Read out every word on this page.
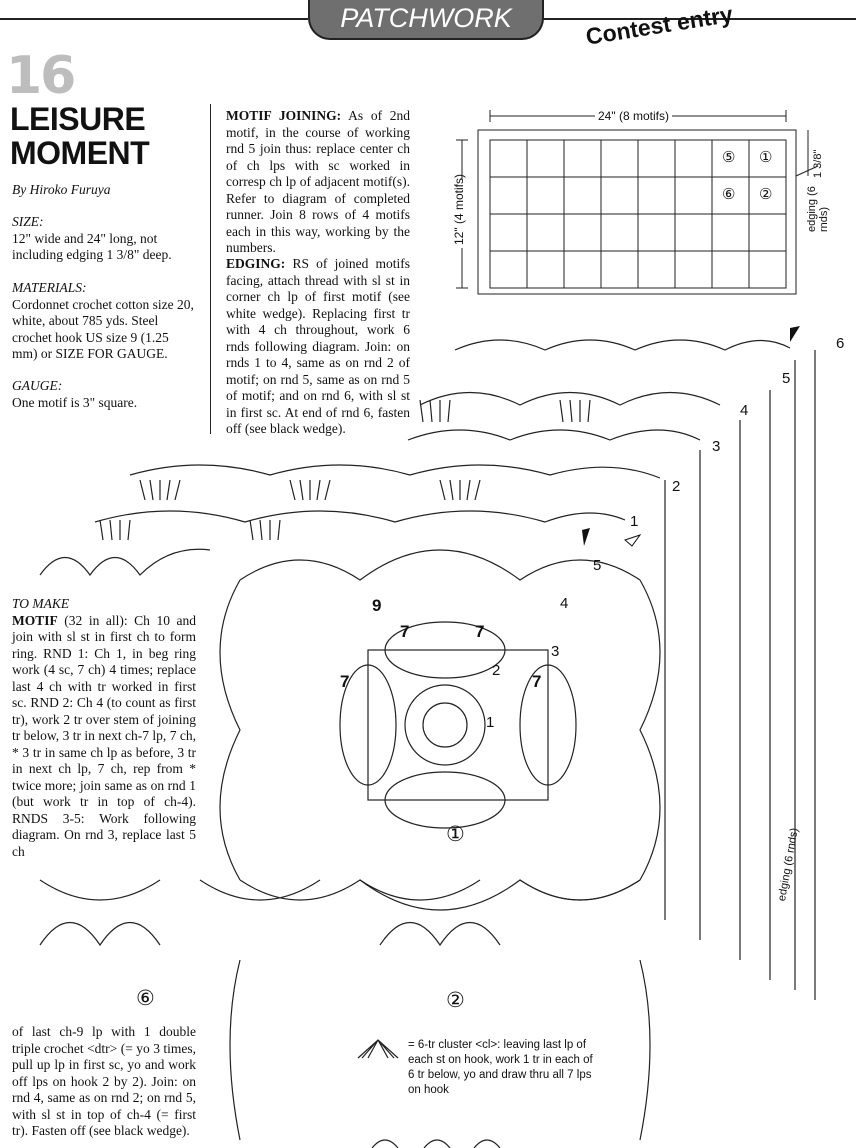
PATCHWORK	Contest entry
16
LEISURE
MOMENT
By Hiroko Furuya
SIZE:
12" wide and 24" long, not including edging 1 3/8" deep.
MATERIALS:
Cordonnet crochet cotton size 20, white, about 785 yds. Steel crochet hook US size 9 (1.25 mm) or SIZE FOR GAUGE.
GAUGE:
One motif is 3" square.
MOTIF JOINING: As of 2nd motif, in the course of working rnd 5 join thus: replace center ch of ch lps with sc worked in corresp ch lp of adjacent motif(s). Refer to diagram of completed runner. Join 8 rows of 4 motifs each in this way, working by the numbers.
EDGING: RS of joined motifs facing, attach thread with sl st in corner ch lp of first motif (see white wedge). Replacing first tr with 4 ch throughout, work 6 rnds following diagram. Join: on rnds 1 to 4, same as on rnd 2 of motif; on rnd 5, same as on rnd 5 of motif; and on rnd 6, with sl st in first sc. At end of rnd 6, fasten off (see black wedge).
24" (8 motifs)
12" (4 motifs)	edging (6 rnds)
1 3/8"
⑤ ①
⑥ ②
6
5
4
3
2
1
1
2
3
4
5
7	7
7	7
9
①
②
⑥
edging (6 rnds)
TO MAKE
MOTIF (32 in all): Ch 10 and join with sl st in first ch to form ring. RND 1: Ch 1, in beg ring work (4 sc, 7 ch) 4 times; replace last 4 ch with tr worked in first sc. RND 2: Ch 4 (to count as first tr), work 2 tr over stem of joining tr below, 3 tr in next ch-7 lp, 7 ch, * 3 tr in same ch lp as before, 3 tr in next ch lp, 7 ch, rep from * twice more; join same as on rnd 1 (but work tr in top of ch-4). RNDS 3-5: Work following diagram. On rnd 3, replace last 5 ch
of last ch-9 lp with 1 double triple crochet <dtr> (= yo 3 times, pull up lp in first sc, yo and work off lps on hook 2 by 2). Join: on rnd 4, same as on rnd 2; on rnd 5, with sl st in top of ch-4 (= first tr). Fasten off (see black wedge).
= 6-tr cluster <cl>: leaving last lp of each st on hook, work 1 tr in each of 6 tr below, yo and draw thru all 7 lps on hook
